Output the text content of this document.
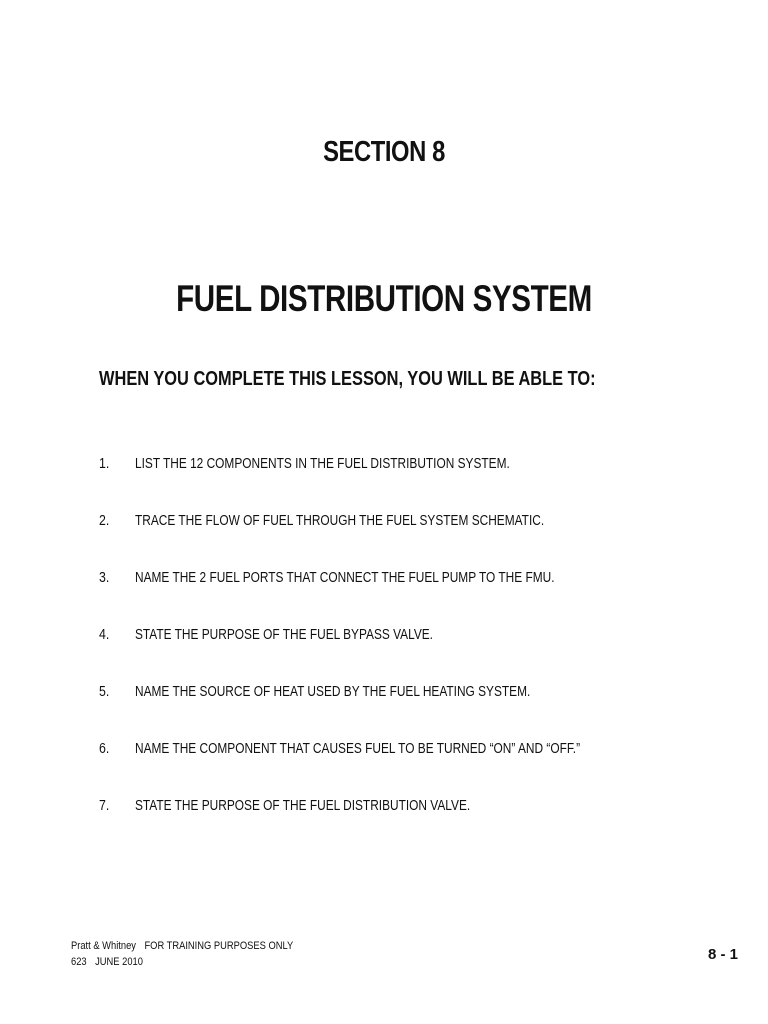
SECTION 8
FUEL DISTRIBUTION SYSTEM
WHEN YOU COMPLETE THIS LESSON, YOU WILL BE ABLE TO:
1. LIST THE 12 COMPONENTS IN THE FUEL DISTRIBUTION SYSTEM.
2. TRACE THE FLOW OF FUEL THROUGH THE FUEL SYSTEM SCHEMATIC.
3. NAME THE 2 FUEL PORTS THAT CONNECT THE FUEL PUMP TO THE FMU.
4. STATE THE PURPOSE OF THE FUEL BYPASS VALVE.
5. NAME THE SOURCE OF HEAT USED BY THE FUEL HEATING SYSTEM.
6. NAME THE COMPONENT THAT CAUSES FUEL TO BE TURNED “ON” AND “OFF.”
7. STATE THE PURPOSE OF THE FUEL DISTRIBUTION VALVE.
Pratt & Whitney FOR TRAINING PURPOSES ONLY
623 JUNE 2010	8 - 1
